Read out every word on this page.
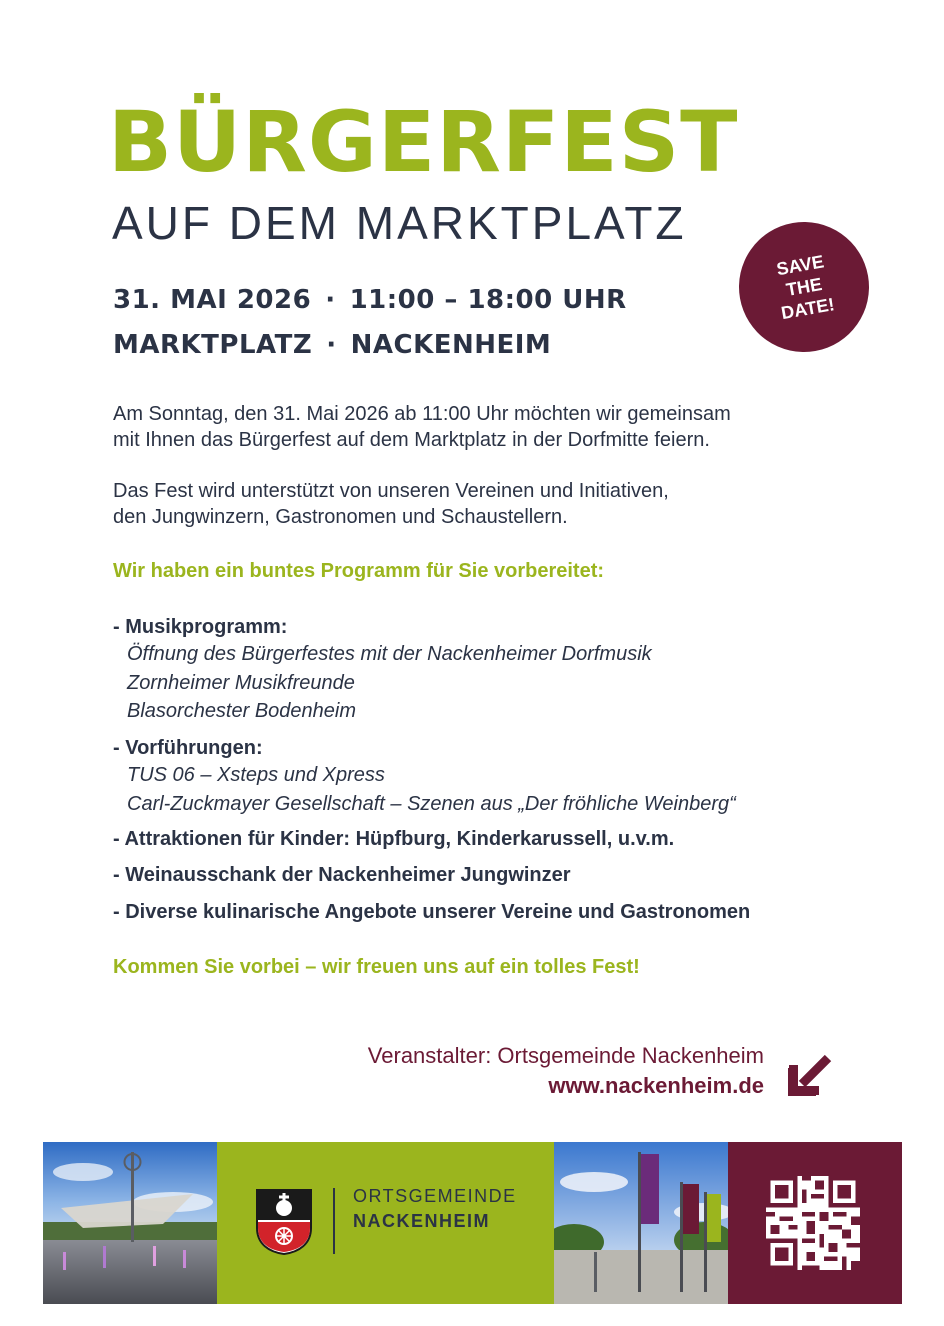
BÜRGERFEST
AUF DEM MARKTPLATZ
SAVE
THE
DATE!

31. MAI 2026 · 11:00 – 18:00 UHR

MARKTPLATZ · NACKENHEIM

Am Sonntag, den 31. Mai 2026 ab 11:00 Uhr möchten wir gemeinsam
mit Ihnen das Bürgerfest auf dem Marktplatz in der Dorfmitte feiern.

Das Fest wird unterstützt von unseren Vereinen und Initiativen,
den Jungwinzern, Gastronomen und Schaustellern.

Wir haben ein buntes Programm für Sie vorbereitet:

- Musikprogramm:
Öffnung des Bürgerfestes mit der Nackenheimer Dorfmusik
Zornheimer Musikfreunde
Blasorchester Bodenheim
- Vorführungen:
TUS 06 – Xsteps und Xpress
Carl-Zuckmayer Gesellschaft – Szenen aus „Der fröhliche Weinberg“
- Attraktionen für Kinder: Hüpfburg, Kinderkarussell, u.v.m.
- Weinausschank der Nackenheimer Jungwinzer
- Diverse kulinarische Angebote unserer Vereine und Gastronomen

Kommen Sie vorbei – wir freuen uns auf ein tolles Fest!

Veranstalter: Ortsgemeinde Nackenheim

www.nackenheim.de

ORTSGEMEINDE
NACKENHEIM
